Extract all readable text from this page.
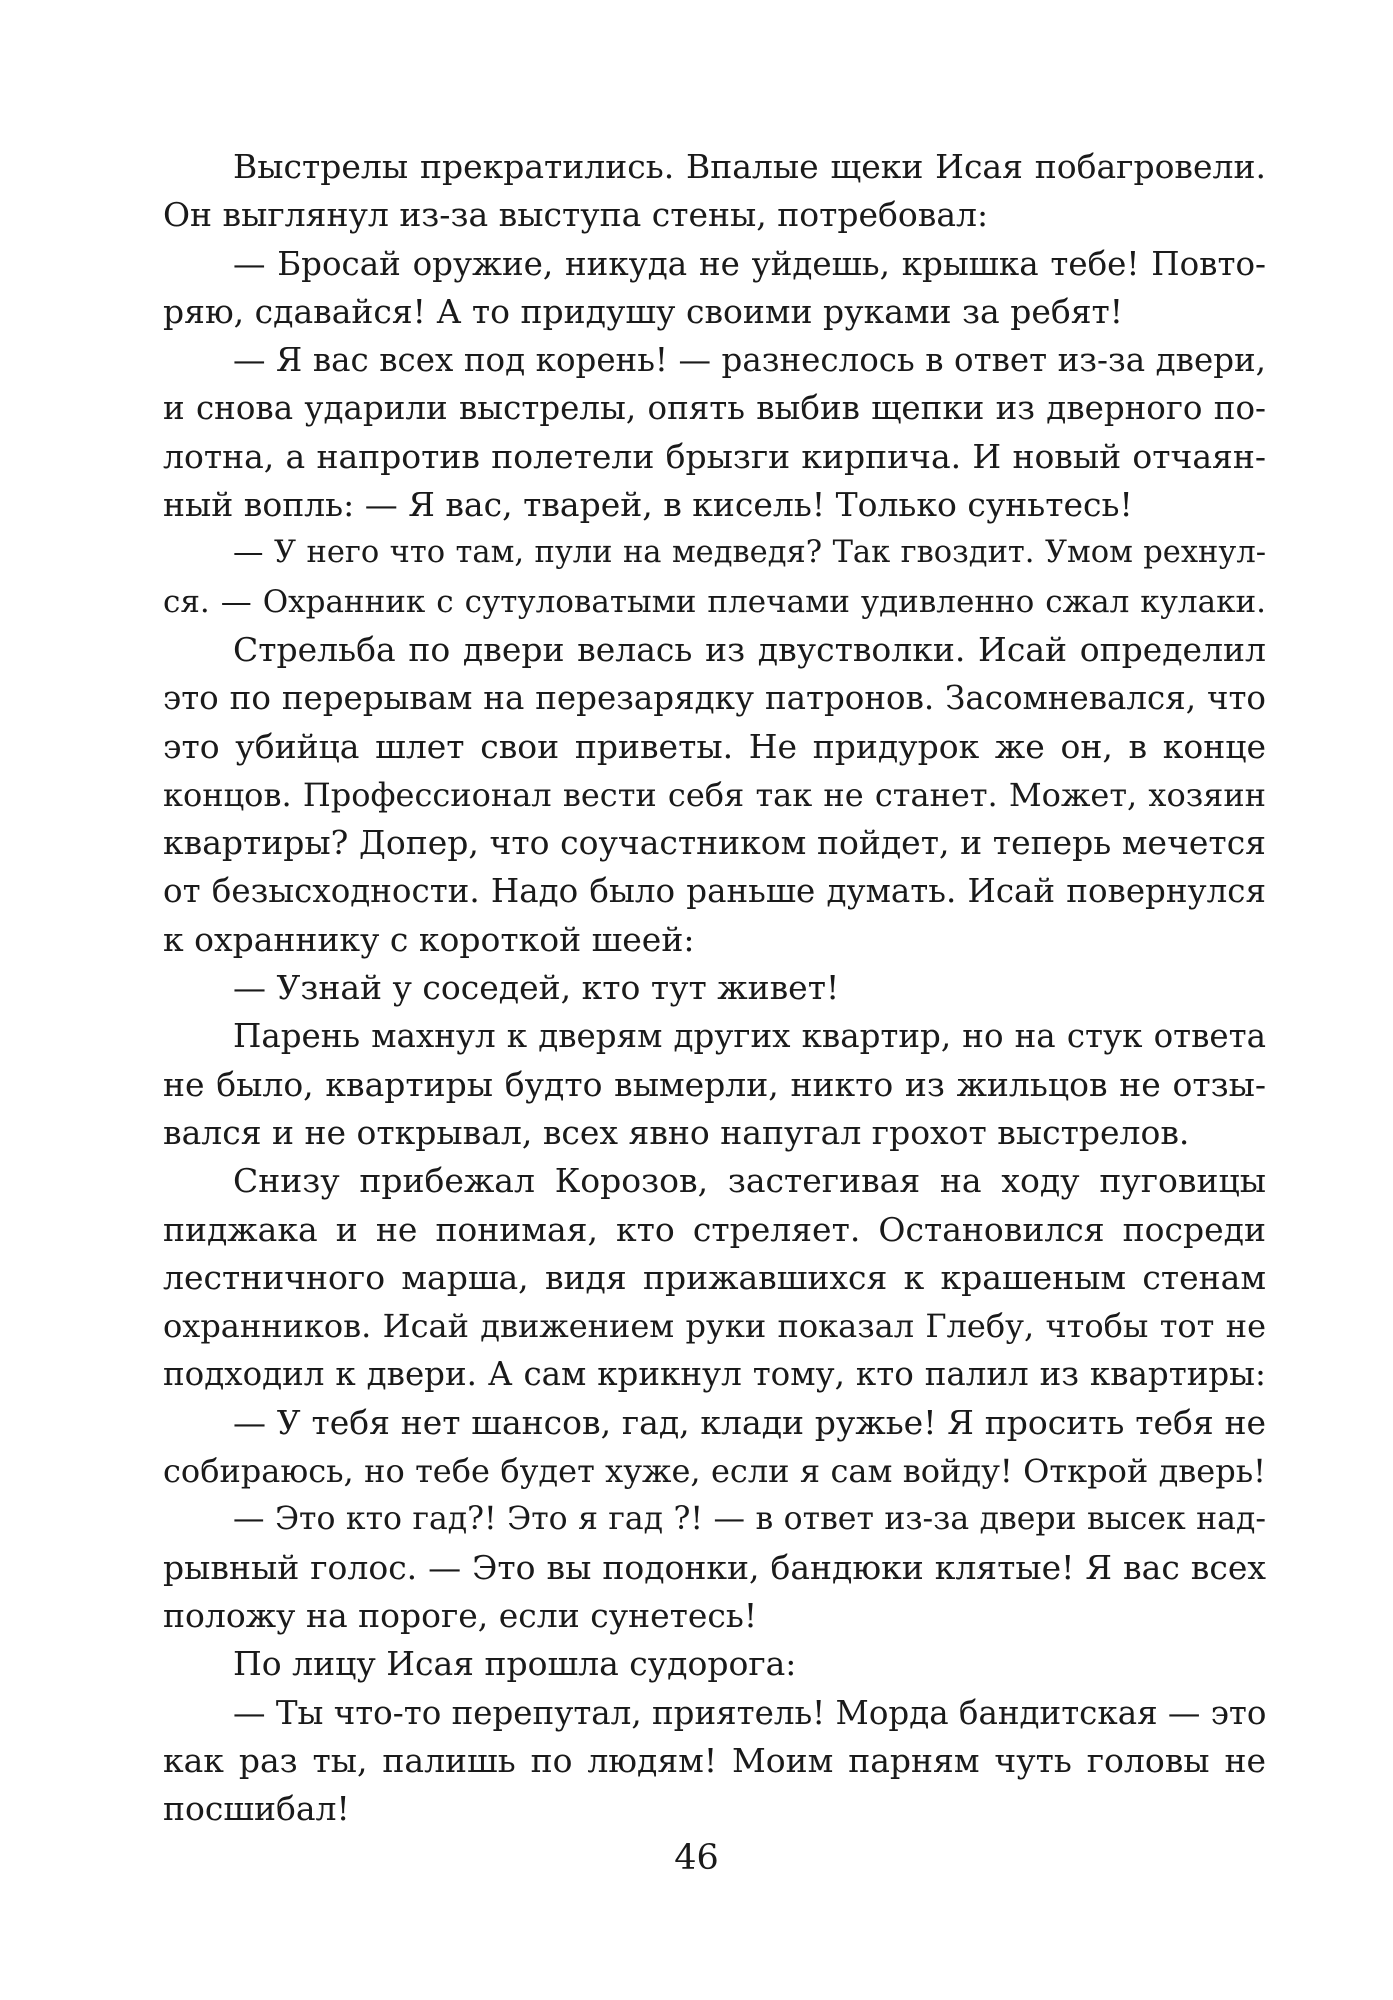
Выстрелы прекратились. Впалые щеки Исая побагровели.
Он выглянул из-за выступа стены, потребовал:
— Бросай оружие, никуда не уйдешь, крышка тебе! Повто-
ряю, сдавайся! А то придушу своими руками за ребят!
— Я вас всех под корень! — разнеслось в ответ из-за двери,
и снова ударили выстрелы, опять выбив щепки из дверного по-
лотна, а напротив полетели брызги кирпича. И новый отчаян-
ный вопль: — Я вас, тварей, в кисель! Только суньтесь!
— У него что там, пули на медведя? Так гвоздит. Умом рехнул-
ся. — Охранник с сутуловатыми плечами удивленно сжал кулаки.
Стрельба по двери велась из двустволки. Исай определил
это по перерывам на перезарядку патронов. Засомневался, что
это убийца шлет свои приветы. Не придурок же он, в конце
концов. Профессионал вести себя так не станет. Может, хозяин
квартиры? Допер, что соучастником пойдет, и теперь мечется
от безысходности. Надо было раньше думать. Исай повернулся
к охраннику с короткой шеей:
— Узнай у соседей, кто тут живет!
Парень махнул к дверям других квартир, но на стук ответа
не было, квартиры будто вымерли, никто из жильцов не отзы-
вался и не открывал, всех явно напугал грохот выстрелов.
Снизу прибежал Корозов, застегивая на ходу пуговицы
пиджака и не понимая, кто стреляет. Остановился посреди
лестничного марша, видя прижавшихся к крашеным стенам
охранников. Исай движением руки показал Глебу, чтобы тот не
подходил к двери. А сам крикнул тому, кто палил из квартиры:
— У тебя нет шансов, гад, клади ружье! Я просить тебя не
собираюсь, но тебе будет хуже, если я сам войду! Открой дверь!
— Это кто гад?! Это я гад ?! — в ответ из-за двери высек над-
рывный голос. — Это вы подонки, бандюки клятые! Я вас всех
положу на пороге, если сунетесь!
По лицу Исая прошла судорога:
— Ты что-то перепутал, приятель! Морда бандитская — это
как раз ты, палишь по людям! Моим парням чуть головы не
посшибал!
46
